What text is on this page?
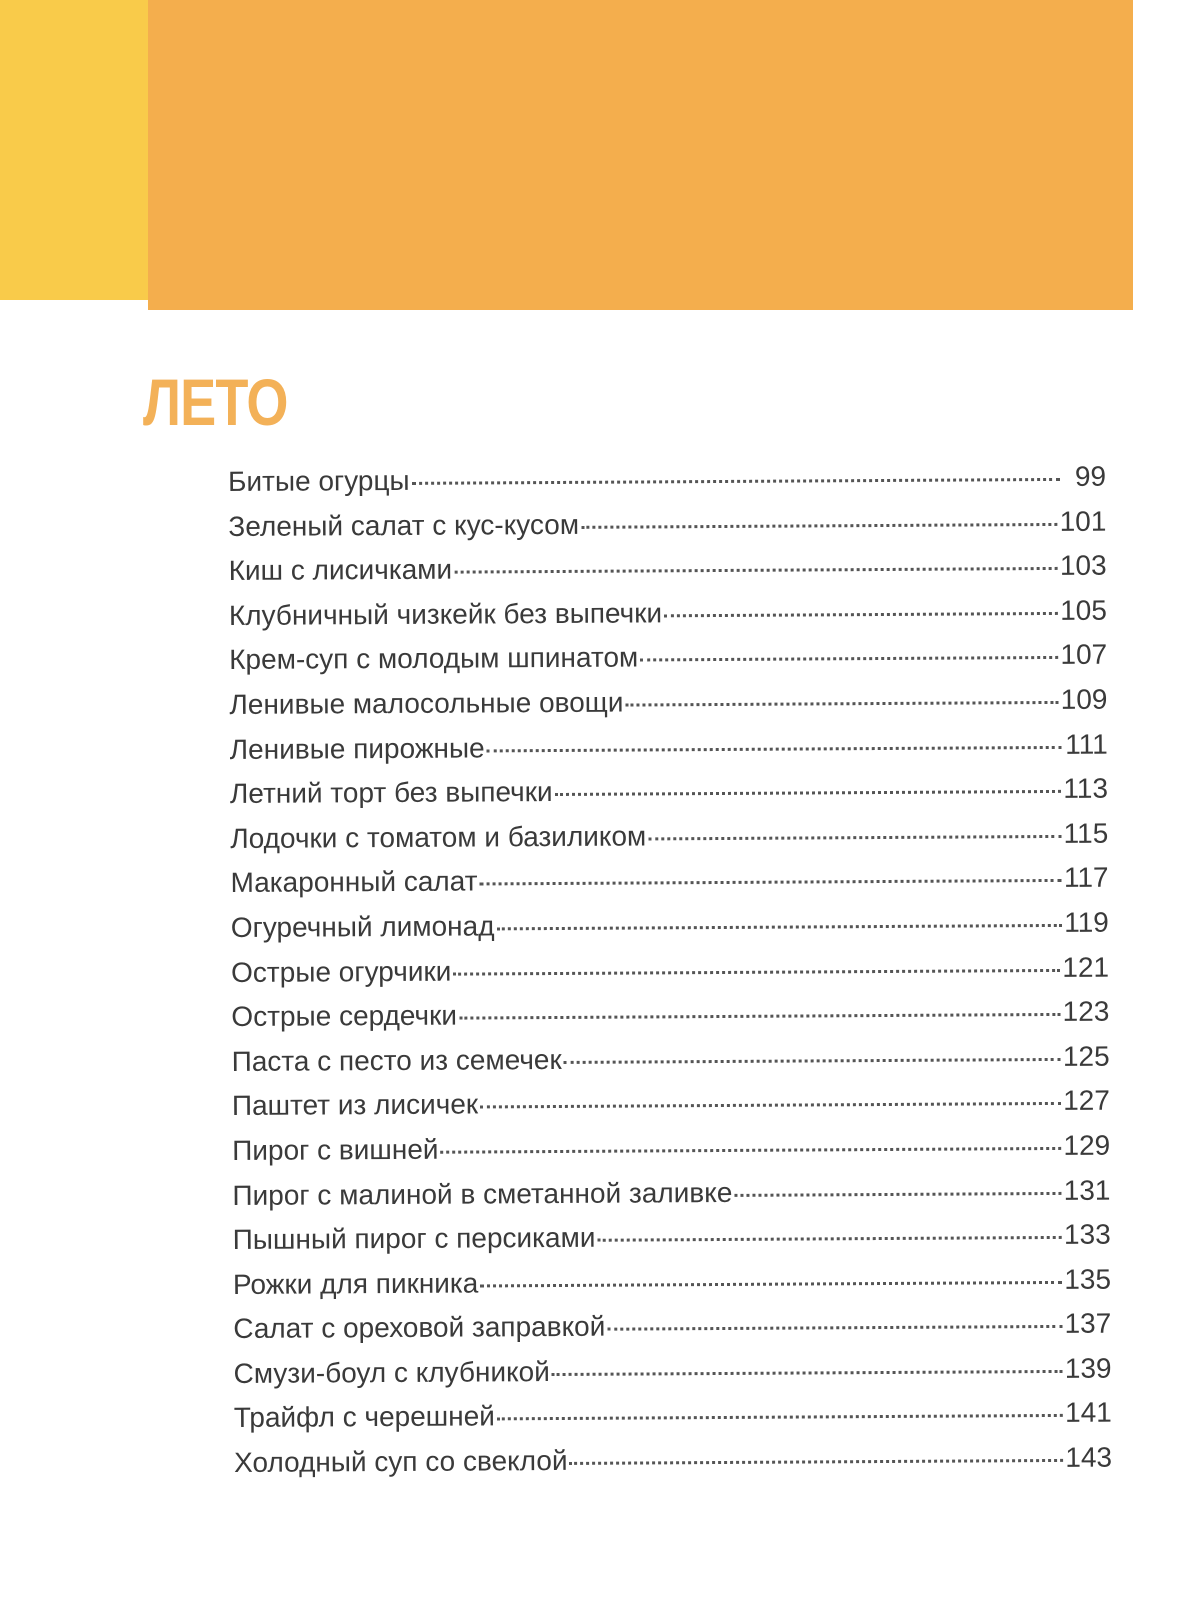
ЛЕТО
Битые огурцы	99
Зеленый салат с кус-кусом	101
Киш с лисичками	103
Клубничный чизкейк без выпечки	105
Крем-суп с молодым шпинатом	107
Ленивые малосольные овощи	109
Ленивые пирожные	111
Летний торт без выпечки	113
Лодочки с томатом и базиликом	115
Макаронный салат	117
Огуречный лимонад	119
Острые огурчики	121
Острые сердечки	123
Паста с песто из семечек	125
Паштет из лисичек	127
Пирог с вишней	129
Пирог с малиной в сметанной заливке	131
Пышный пирог с персиками	133
Рожки для пикника	135
Салат с ореховой заправкой	137
Смузи-боул с клубникой	139
Трайфл с черешней	141
Холодный суп со свеклой	143
